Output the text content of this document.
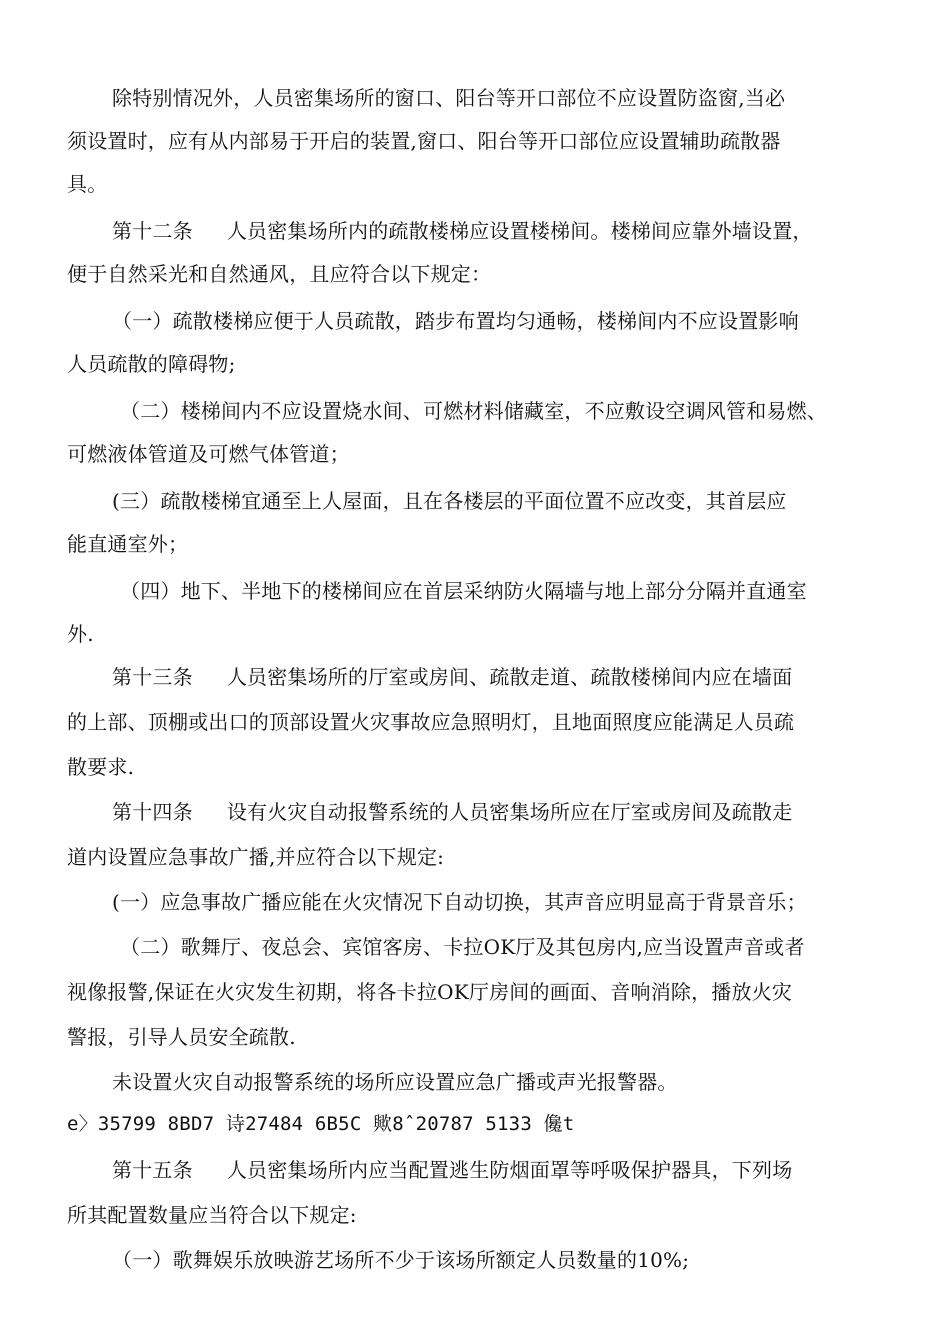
除特别情况外，人员密集场所的窗口、阳台等开口部位不应设置防盗窗,当必
须设置时，应有从内部易于开启的装置,窗口、阳台等开口部位应设置辅助疏散器
具。
第十二条 人员密集场所内的疏散楼梯应设置楼梯间。楼梯间应靠外墙设置，
便于自然采光和自然通风，且应符合以下规定：
（一）疏散楼梯应便于人员疏散，踏步布置均匀通畅，楼梯间内不应设置影响
人员疏散的障碍物;
（二）楼梯间内不应设置烧水间、可燃材料储藏室，不应敷设空调风管和易燃、
可燃液体管道及可燃气体管道；
(三）疏散楼梯宜通至上人屋面，且在各楼层的平面位置不应改变，其首层应
能直通室外；
（四）地下、半地下的楼梯间应在首层采纳防火隔墙与地上部分分隔并直通室
外.
第十三条 人员密集场所的厅室或房间、疏散走道、疏散楼梯间内应在墙面
的上部、顶棚或出口的顶部设置火灾事故应急照明灯，且地面照度应能满足人员疏
散要求.
第十四条 设有火灾自动报警系统的人员密集场所应在厅室或房间及疏散走
道内设置应急事故广播,并应符合以下规定:
(一）应急事故广播应能在火灾情况下自动切换，其声音应明显高于背景音乐；
（二）歌舞厅、夜总会、宾馆客房、卡拉OK厅及其包房内,应当设置声音或者
视像报警,保证在火灾发生初期，将各卡拉OK厅房间的画面、音响消除，播放火灾
警报，引导人员安全疏散.
未设置火灾自动报警系统的场所应设置应急广播或声光报警器。
e〉35799 8BD7 诗27484 6B5C 歟8ˆ20787 5133 儳t
第十五条 人员密集场所内应当配置逃生防烟面罩等呼吸保护器具，下列场
所其配置数量应当符合以下规定:
（一）歌舞娱乐放映游艺场所不少于该场所额定人员数量的10%;
